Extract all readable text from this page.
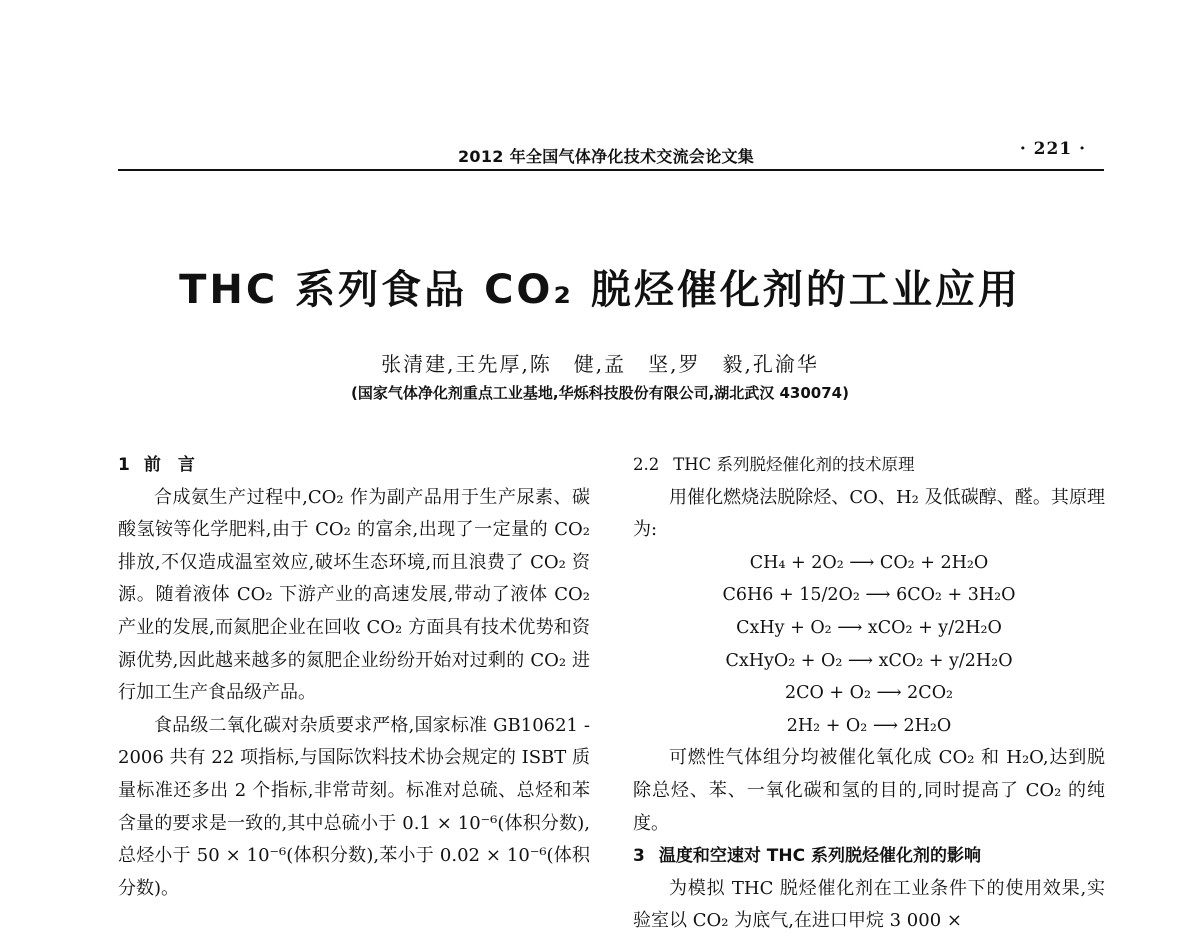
2012 年全国气体净化技术交流会论文集	· 221 ·
THC 系列食品 CO₂ 脱烃催化剂的工业应用
张清建,王先厚,陈　健,孟　坚,罗　毅,孔渝华
(国家气体净化剂重点工业基地,华烁科技股份有限公司,湖北武汉 430074)
1 前　言

合成氨生产过程中,CO₂ 作为副产品用于生产尿素、碳酸氢铵等化学肥料,由于 CO₂ 的富余,出现了一定量的 CO₂ 排放,不仅造成温室效应,破坏生态环境,而且浪费了 CO₂ 资源。随着液体 CO₂ 下游产业的高速发展,带动了液体 CO₂ 产业的发展,而氮肥企业在回收 CO₂ 方面具有技术优势和资源优势,因此越来越多的氮肥企业纷纷开始对过剩的 CO₂ 进行加工生产食品级产品。

食品级二氧化碳对杂质要求严格,国家标准 GB10621 - 2006 共有 22 项指标,与国际饮料技术协会规定的 ISBT 质量标准还多出 2 个指标,非常苛刻。标准对总硫、总烃和苯含量的要求是一致的,其中总硫小于 0.1 × 10⁻⁶(体积分数),总烃小于 50 × 10⁻⁶(体积分数),苯小于 0.02 × 10⁻⁶(体积分数)。

2.2 THC 系列脱烃催化剂的技术原理

用催化燃烧法脱除烃、CO、H₂ 及低碳醇、醛。其原理为:

CH₄ + 2O₂ ⟶ CO₂ + 2H₂O
C6H6 + 15/2O₂ ⟶ 6CO₂ + 3H₂O
CxHy + O₂ ⟶ xCO₂ + y/2H₂O
CxHyO₂ + O₂ ⟶ xCO₂ + y/2H₂O
2CO + O₂ ⟶ 2CO₂
2H₂ + O₂ ⟶ 2H₂O

可燃性气体组分均被催化氧化成 CO₂ 和 H₂O,达到脱除总烃、苯、一氧化碳和氢的目的,同时提高了 CO₂ 的纯度。

3 温度和空速对 THC 系列脱烃催化剂的影响

为模拟 THC 脱烃催化剂在工业条件下的使用效果,实验室以 CO₂ 为底气,在进口甲烷 3 000 ×
